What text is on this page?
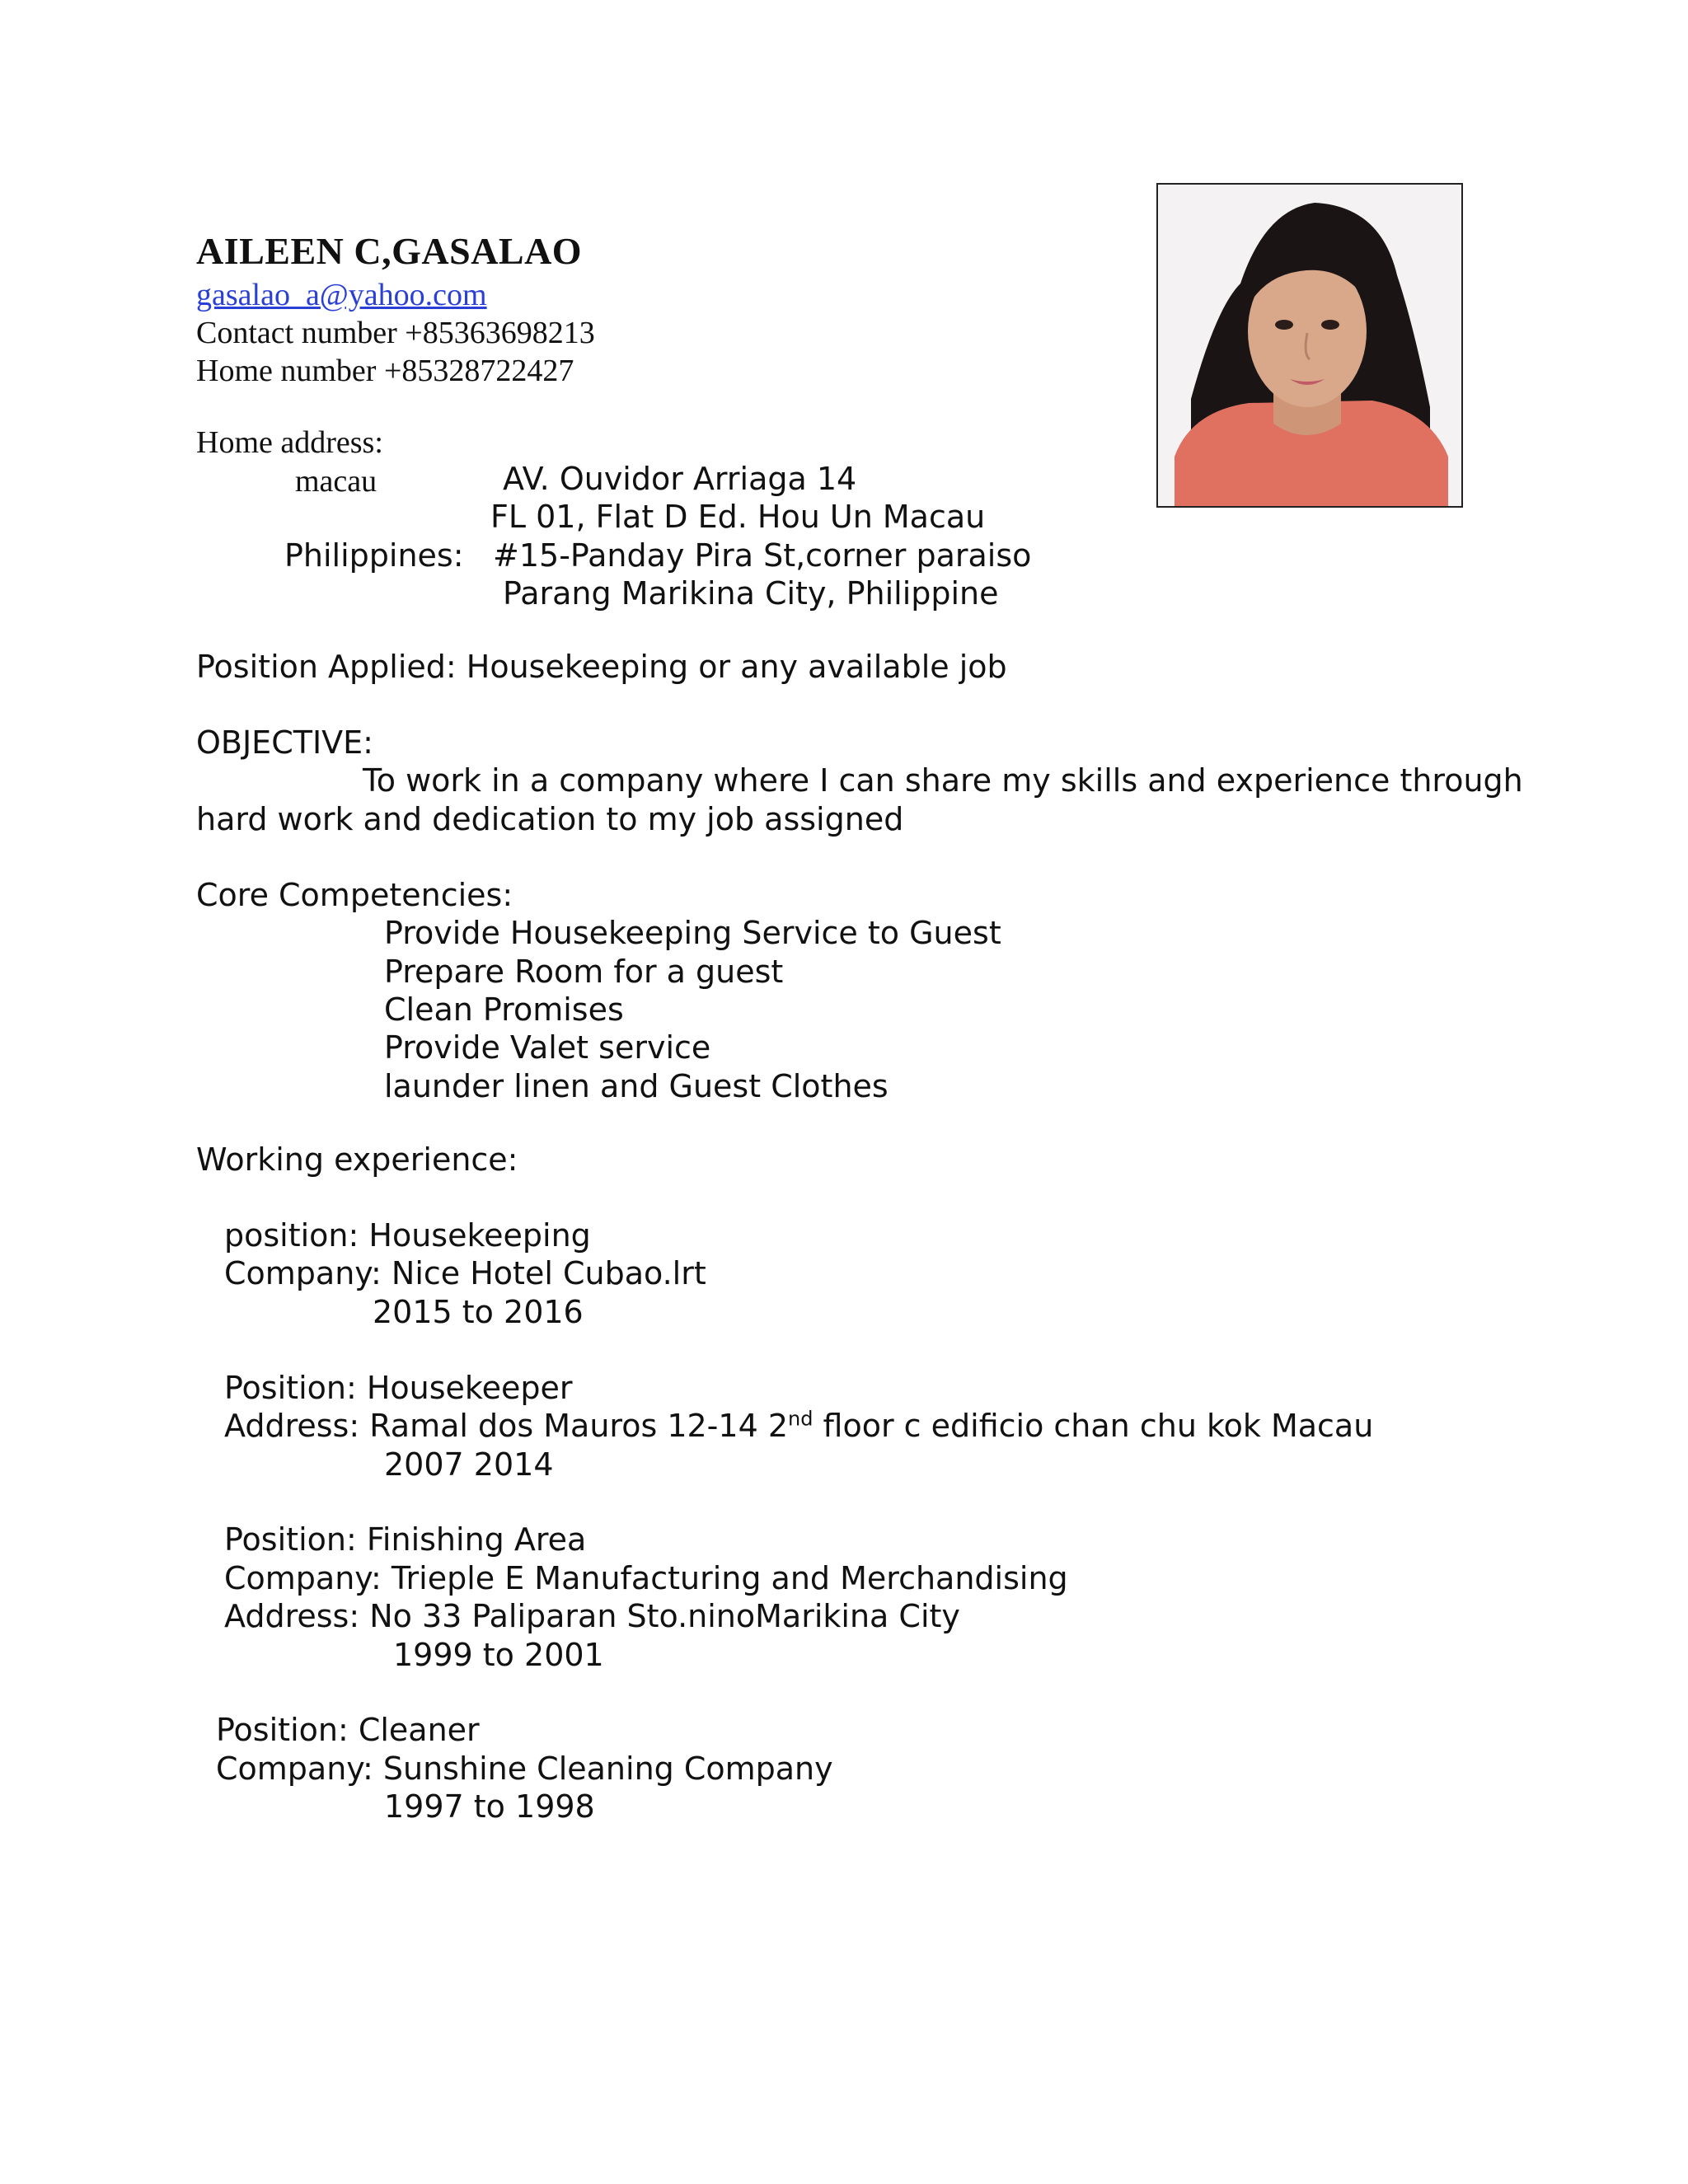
AILEEN C,GASALAO
gasalao_a@yahoo.com
Contact number +85363698213
Home number +85328722427
Home address:
macau	AV. Ouvidor Arriaga 14
FL 01, Flat D Ed. Hou Un Macau
Philippines: #15-Panday Pira St,corner paraiso
Parang Marikina City, Philippine
Position Applied: Housekeeping or any available job
OBJECTIVE:
To work in a company where I can share my skills and experience through
hard work and dedication to my job assigned
Core Competencies:
Provide Housekeeping Service to Guest
Prepare Room for a guest
Clean Promises
Provide Valet service
launder linen and Guest Clothes
Working experience:
position: Housekeeping
Company: Nice Hotel Cubao.lrt
2015 to 2016
Position: Housekeeper
Address: Ramal dos Mauros 12-14 2nd floor c edificio chan chu kok Macau
2007 2014
Position: Finishing Area
Company: Trieple E Manufacturing and Merchandising
Address: No 33 Paliparan Sto.ninoMarikina City
1999 to 2001
Position: Cleaner
Company: Sunshine Cleaning Company
1997 to 1998
